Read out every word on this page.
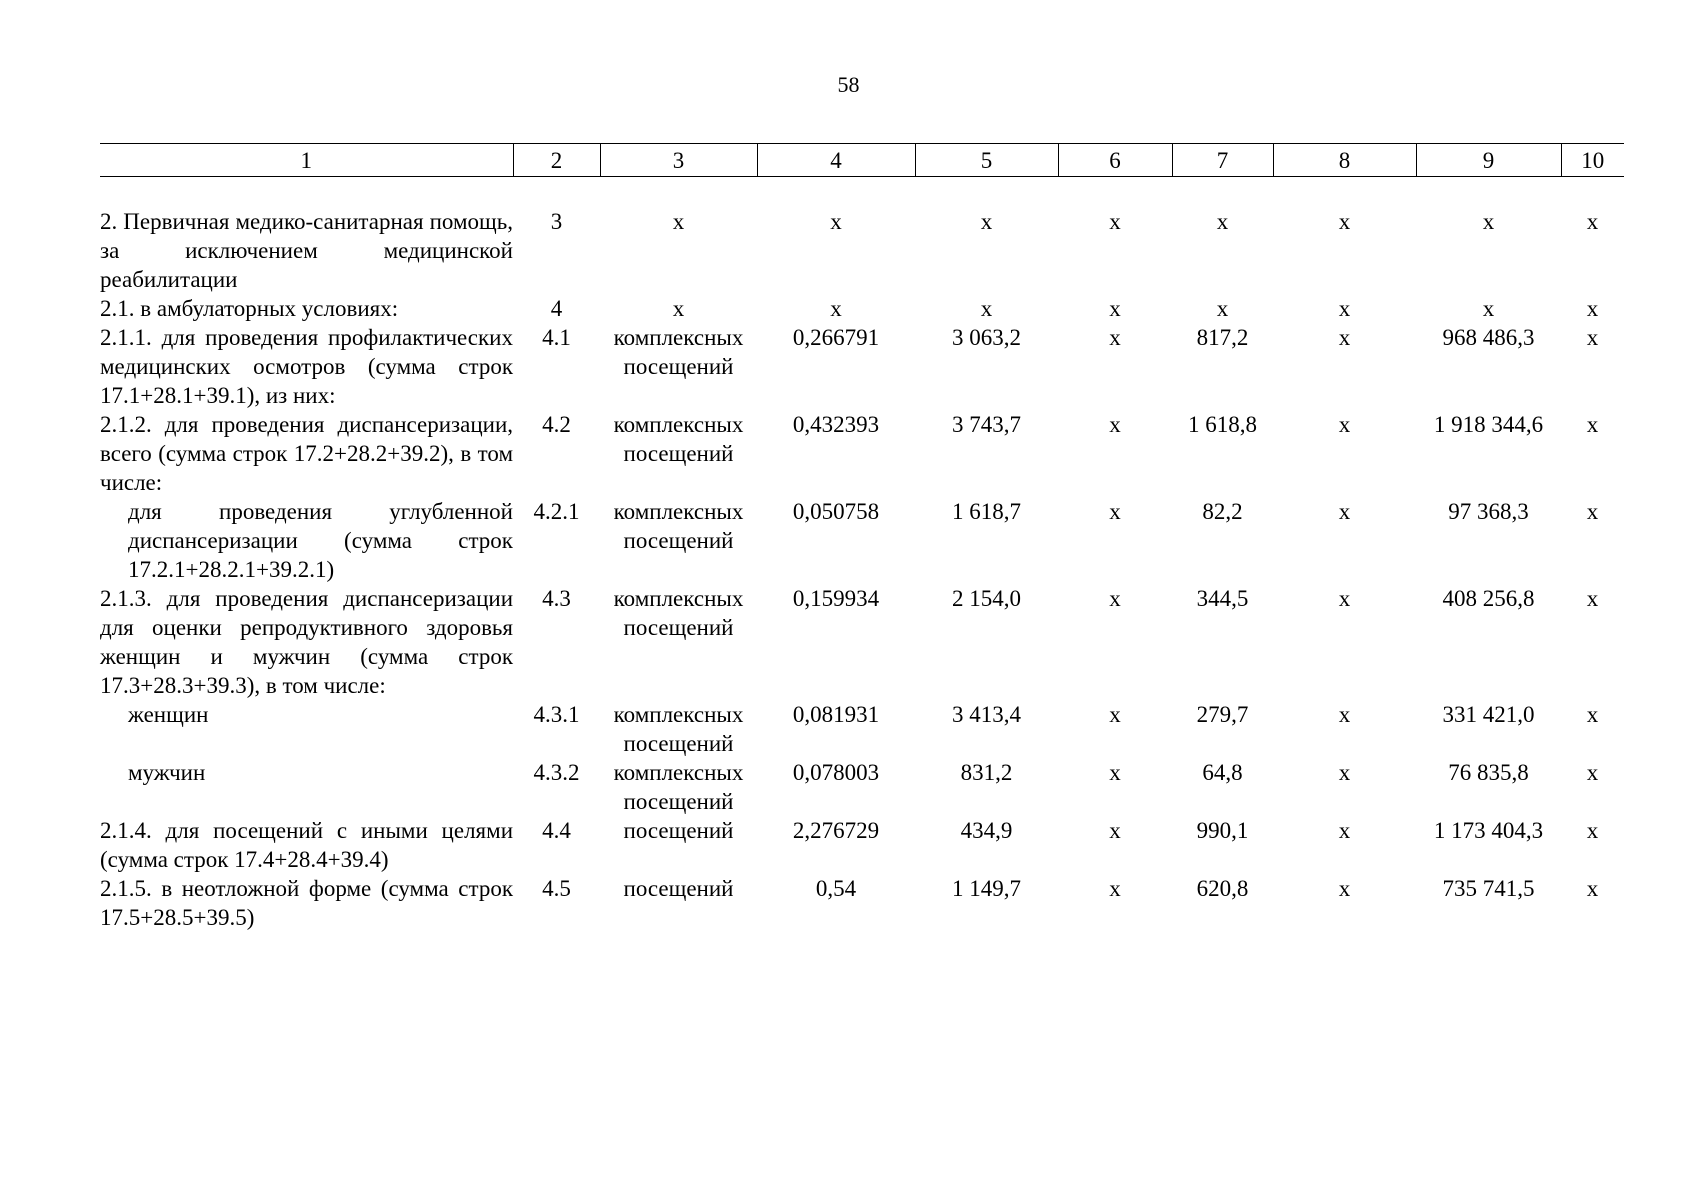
58
1	2	3	4	5	6	7	8	9	10

2. Первичная медико-санитарная помощь, за исключением медицинской реабилитации	3	х	х	х	х	х	х	х	х
2.1. в амбулаторных условиях:	4	х	х	х	х	х	х	х	х
2.1.1. для проведения профилактических медицинских осмотров (сумма строк 17.1+28.1+39.1), из них:	4.1	комплексных посещений	0,266791	3 063,2	х	817,2	х	968 486,3	х
2.1.2. для проведения диспансеризации, всего (сумма строк 17.2+28.2+39.2), в том числе:	4.2	комплексных посещений	0,432393	3 743,7	х	1 618,8	х	1 918 344,6	х
для проведения углубленной диспансеризации (сумма строк 17.2.1+28.2.1+39.2.1)	4.2.1	комплексных посещений	0,050758	1 618,7	х	82,2	х	97 368,3	х
2.1.3. для проведения диспансеризации для оценки репродуктивного здоровья женщин и мужчин (сумма строк 17.3+28.3+39.3), в том числе:	4.3	комплексных посещений	0,159934	2 154,0	х	344,5	х	408 256,8	х
женщин	4.3.1	комплексных посещений	0,081931	3 413,4	х	279,7	х	331 421,0	х
мужчин	4.3.2	комплексных посещений	0,078003	831,2	х	64,8	х	76 835,8	х
2.1.4. для посещений с иными целями (сумма строк 17.4+28.4+39.4)	4.4	посещений	2,276729	434,9	х	990,1	х	1 173 404,3	х
2.1.5. в неотложной форме (сумма строк 17.5+28.5+39.5)	4.5	посещений	0,54	1 149,7	х	620,8	х	735 741,5	х
